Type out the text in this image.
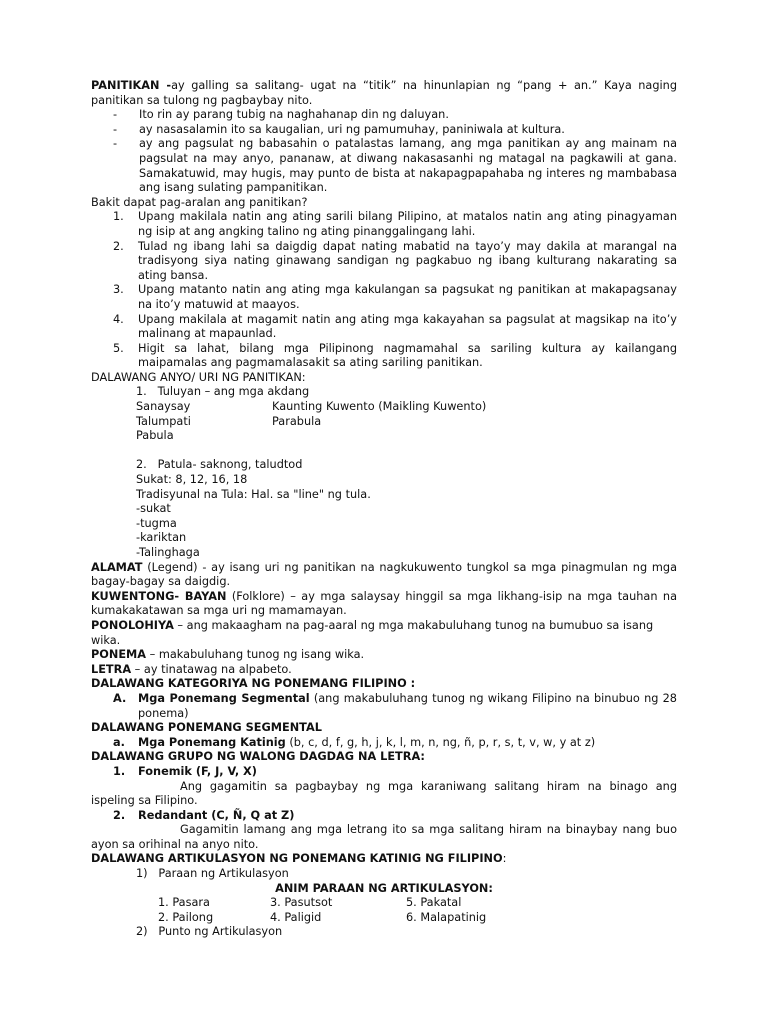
PANITIKAN -ay galling sa salitang- ugat na “titik” na hinunlapian ng “pang + an.” Kaya naging panitikan sa tulong ng pagbaybay nito.

-	Ito rin ay parang tubig na naghahanap din ng daluyan.
-	ay nasasalamin ito sa kaugalian, uri ng pamumuhay, paniniwala at kultura.
-	ay ang pagsulat ng babasahin o patalastas lamang, ang mga panitikan ay ang mainam na pagsulat na may anyo, pananaw, at diwang nakasasanhi ng matagal na pagkawili at gana. Samakatuwid, may hugis, may punto de bista at nakapagpapahaba ng interes ng mambabasa ang isang sulating pampanitikan.

Bakit dapat pag-aralan ang panitikan?

1.	Upang makilala natin ang ating sarili bilang Pilipino, at matalos natin ang ating pinagyaman ng isip at ang angking talino ng ating pinanggalingang lahi.
2.	Tulad ng ibang lahi sa daigdig dapat nating mabatid na tayo’y may dakila at marangal na tradisyong siya nating ginawang sandigan ng pagkabuo ng ibang kulturang nakarating sa ating bansa.
3.	Upang matanto natin ang ating mga kakulangan sa pagsukat ng panitikan at makapagsanay na ito’y matuwid at maayos.
4.	Upang makilala at magamit natin ang ating mga kakayahan sa pagsulat at magsikap na ito’y malinang at mapaunlad.
5.	Higit sa lahat, bilang mga Pilipinong nagmamahal sa sariling kultura ay kailangang maipamalas ang pagmamalasakit sa ating sariling panitikan.

DALAWANG ANYO/ URI NG PANITIKAN:

1. Tuluyan – ang mga akdang
Sanaysay	Kaunting Kuwento (Maikling Kuwento)
Talumpati	Parabula
Pabula
2. Patula- saknong, taludtod
Sukat: 8, 12, 16, 18
Tradisyunal na Tula: Hal. sa "line" ng tula.
-sukat
-tugma
-kariktan
-Talinghaga

ALAMAT (Legend) - ay isang uri ng panitikan na nagkukuwento tungkol sa mga pinagmulan ng mga bagay-bagay sa daigdig.

KUWENTONG- BAYAN (Folklore) – ay mga salaysay hinggil sa mga likhang-isip na mga tauhan na kumakakatawan sa mga uri ng mamamayan.

PONOLOHIYA – ang makaagham na pag-aaral ng mga makabuluhang tunog na bumubuo sa isang wika.

PONEMA – makabuluhang tunog ng isang wika.

LETRA – ay tinatawag na alpabeto.

DALAWANG KATEGORIYA NG PONEMANG FILIPINO :

A.	Mga Ponemang Segmental (ang makabuluhang tunog ng wikang Filipino na binubuo ng 28 ponema)

DALAWANG PONEMANG SEGMENTAL

a.	Mga Ponemang Katinig (b, c, d, f, g, h, j, k, l, m, n, ng, ñ, p, r, s, t, v, w, y at z)

DALAWANG GRUPO NG WALONG DAGDAG NA LETRA:

1.	Fonemik (F, J, V, X)

Ang gagamitin sa pagbaybay ng mga karaniwang salitang hiram na binago ang ispeling sa Filipino.

2.	Redandant (C, Ñ, Q at Z)

Gagamitin lamang ang mga letrang ito sa mga salitang hiram na binaybay nang buo ayon sa orihinal na anyo nito.

DALAWANG ARTIKULASYON NG PONEMANG KATINIG NG FILIPINO:

1) Paraan ng Artikulasyon
ANIM PARAAN NG ARTIKULASYON:
1. Pasara	3. Pasutsot	5. Pakatal
2. Pailong	4. Paligid	6. Malapatinig
2) Punto ng Artikulasyon
